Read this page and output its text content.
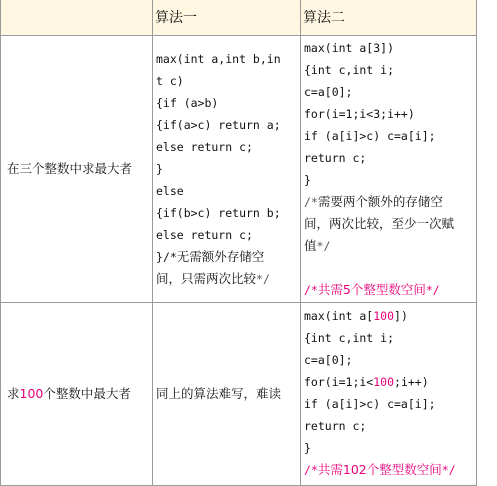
算法一	算法二
在三个整数中求最大者
max(int a,int b,in
t c)
{if (a>b)
{if(a>c) return a;
else return c;
}
else
{if(b>c) return b;
else return c;
}/*无需额外存储空
间，只需两次比较*/
max(int a[3])
{int c,int i;
c=a[0];
for(i=1;i<3;i++)
if (a[i]>c) c=a[i];
return c;
}
/*需要两个额外的存储空
间，两次比较，至少一次赋
值*/
/*共需5个整型数空间*/
求100个整数中最大者 同上的算法难写，难读
max(int a[100])
{int c,int i;
c=a[0];
for(i=1;i<100;i++)
if (a[i]>c) c=a[i];
return c;
}
/*共需102个整型数空间*/
